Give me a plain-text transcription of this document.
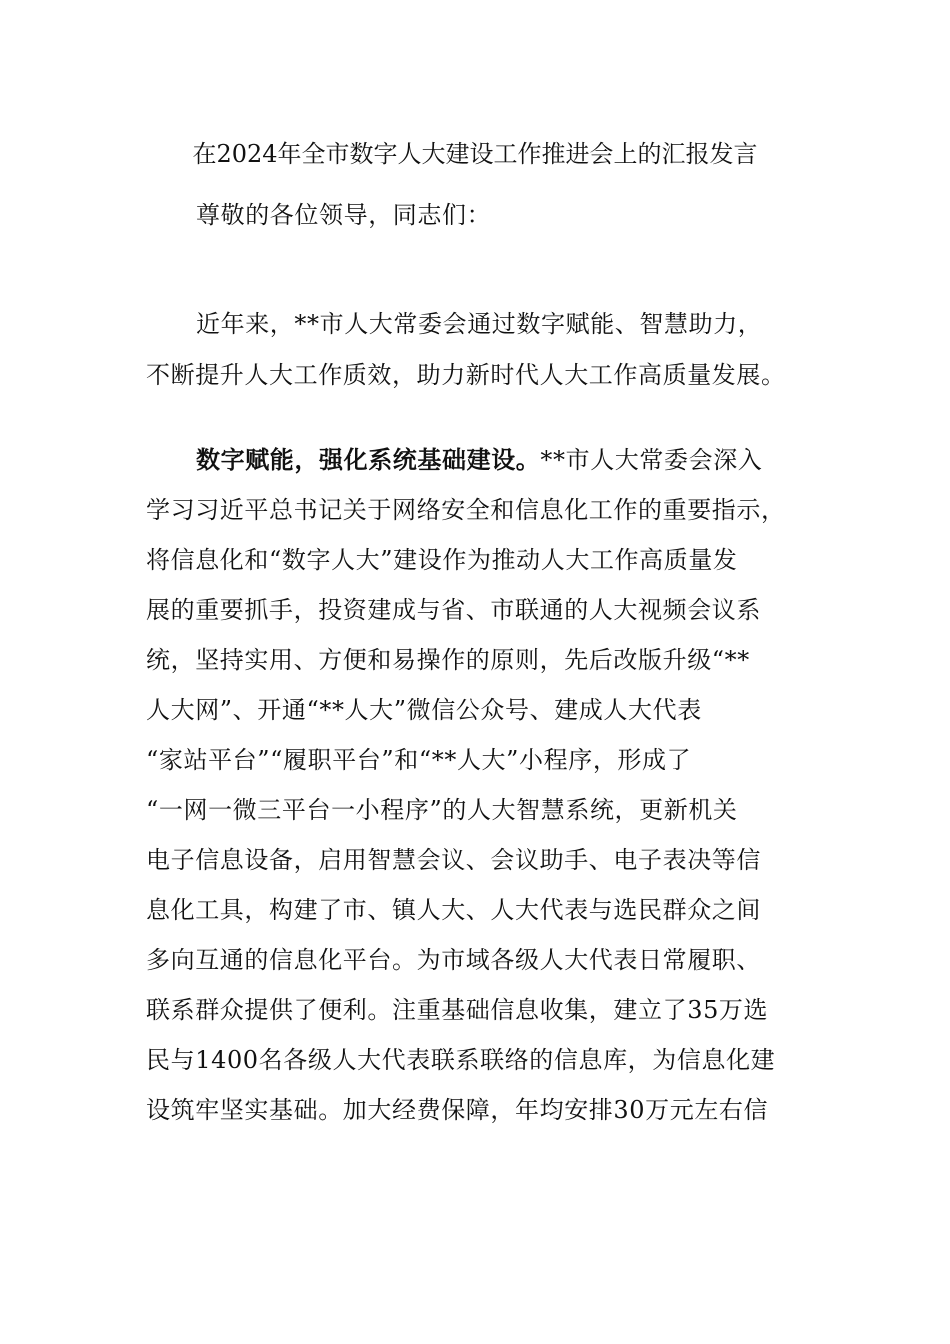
在2024年全市数字人大建设工作推进会上的汇报发言
尊敬的各位领导，同志们：
近年来，**市人大常委会通过数字赋能、智慧助力，
不断提升人大工作质效，助力新时代人大工作高质量发展。
数字赋能，强化系统基础建设。**市人大常委会深入
学习习近平总书记关于网络安全和信息化工作的重要指示，
将信息化和“数字人大”建设作为推动人大工作高质量发
展的重要抓手，投资建成与省、市联通的人大视频会议系
统，坚持实用、方便和易操作的原则，先后改版升级“**
人大网”、开通“**人大”微信公众号、建成人大代表
“家站平台”“履职平台”和“**人大”小程序，形成了
“一网一微三平台一小程序”的人大智慧系统，更新机关
电子信息设备，启用智慧会议、会议助手、电子表决等信
息化工具，构建了市、镇人大、人大代表与选民群众之间
多向互通的信息化平台。为市域各级人大代表日常履职、
联系群众提供了便利。注重基础信息收集，建立了35万选
民与1400名各级人大代表联系联络的信息库，为信息化建
设筑牢坚实基础。加大经费保障，年均安排30万元左右信
